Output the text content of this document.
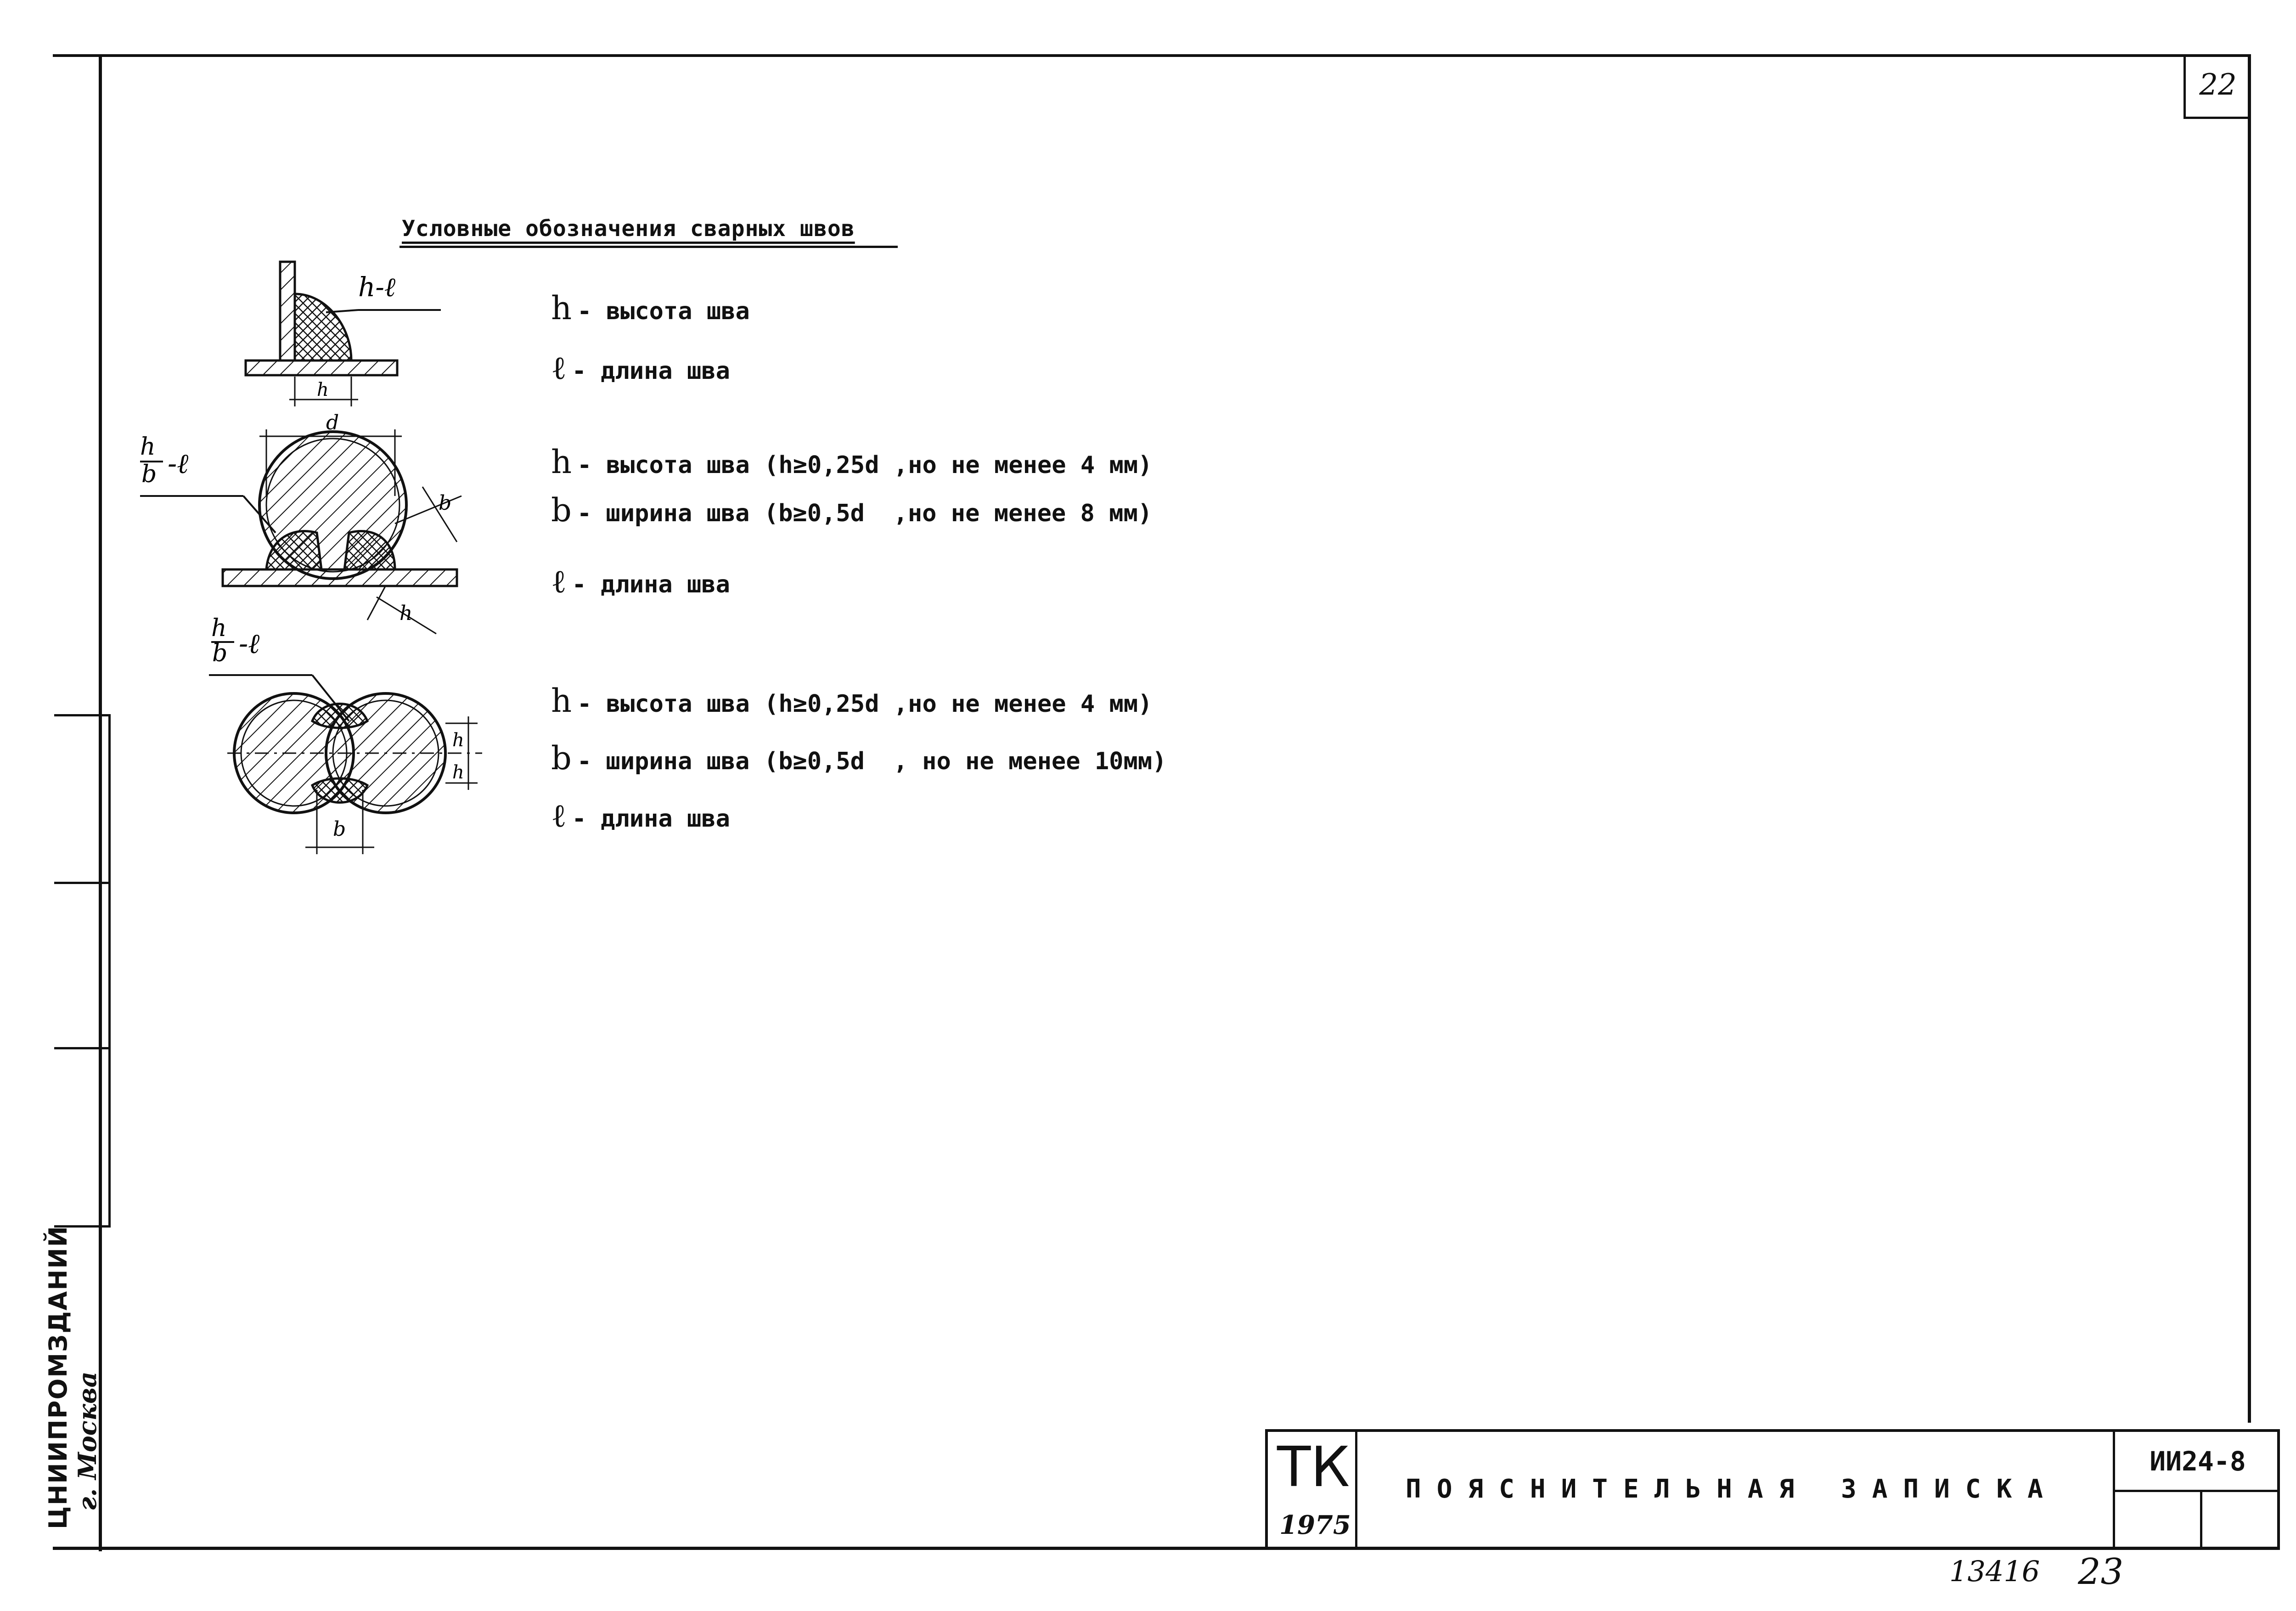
22
ЦНИИПРОМЗДАНИЙ г. Москва
Условные обозначения сварных швов
h-ℓ
h
h - высота шва
ℓ - длина шва
h
b -ℓ
d
b
h
h - высота шва (h≥0,25d ,но не менее 4 мм)
b - ширина шва (b≥0,5d  ,но не менее 8 мм)
ℓ - длина шва
h
b -ℓ
h
h
b
h - высота шва (h≥0,25d ,но не менее 4 мм)
b - ширина шва (b≥0,5d  , но не менее 10мм)
ℓ - длина шва
ТК
1975
ПОЯСНИТЕЛЬНАЯ ЗАПИСКА
ИИ24-8
13416 23
